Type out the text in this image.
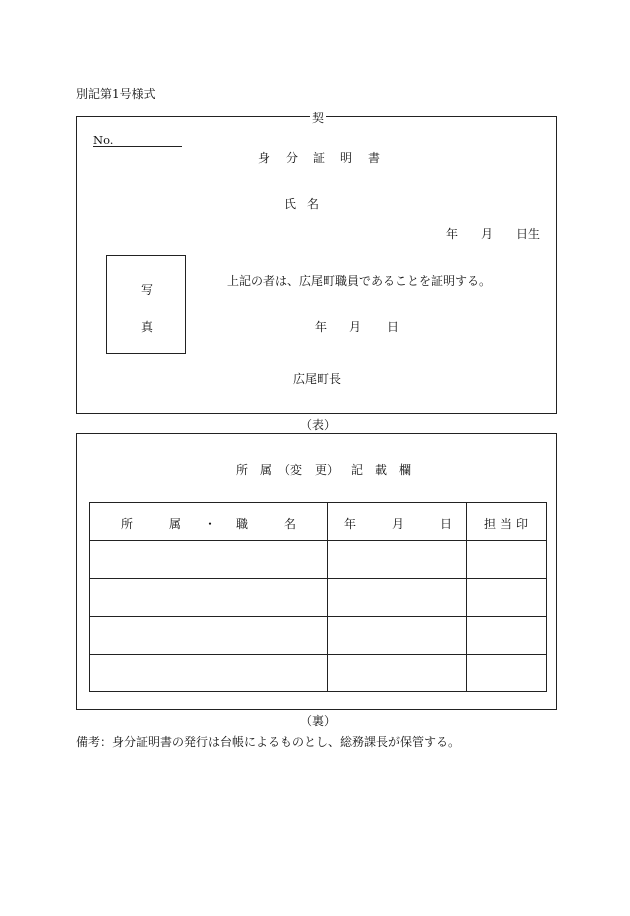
別記第1号様式
契
No.
身 分 証 明 書
氏 名
年 月 日生
写
真
上記の者は、広尾町職員であることを証明する。
年 月 日
広尾町長
（表）
所 属 （変 更） 記 載 欄
所 属 ・ 職 名	年 月 日	担 当 印

（裏）
備考：身分証明書の発行は台帳によるものとし、総務課長が保管する。
